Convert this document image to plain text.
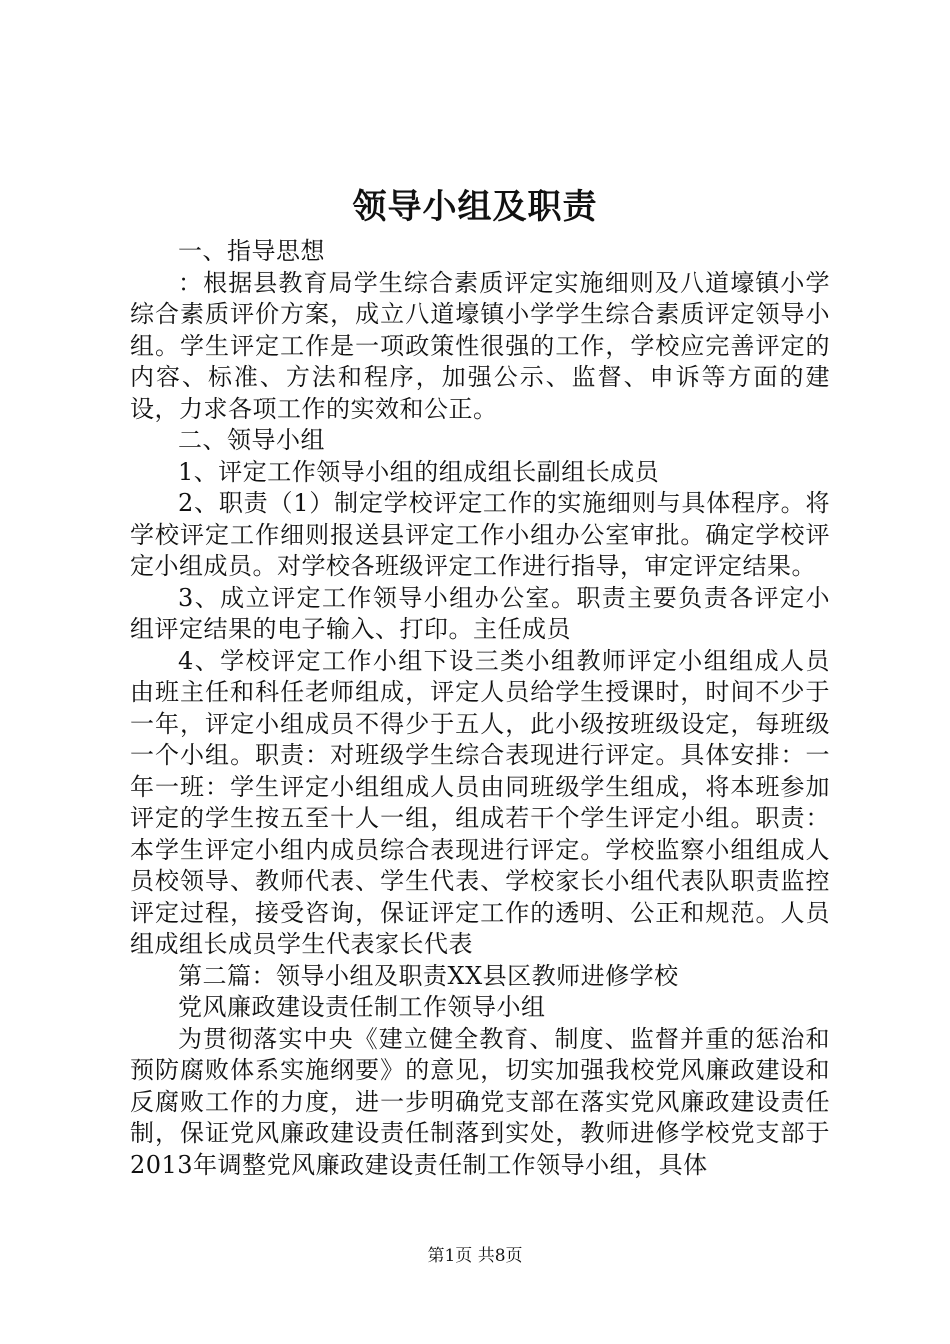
领导小组及职责

一、指导思想

：根据县教育局学生综合素质评定实施细则及八道壕镇小学综合素质评价方案，成立八道壕镇小学学生综合素质评定领导小组。学生评定工作是一项政策性很强的工作，学校应完善评定的内容、标准、方法和程序，加强公示、监督、申诉等方面的建设，力求各项工作的实效和公正。

二、领导小组

1、评定工作领导小组的组成组长副组长成员

2、职责（1）制定学校评定工作的实施细则与具体程序。将学校评定工作细则报送县评定工作小组办公室审批。确定学校评定小组成员。对学校各班级评定工作进行指导，审定评定结果。

3、成立评定工作领导小组办公室。职责主要负责各评定小组评定结果的电子输入、打印。主任成员

4、学校评定工作小组下设三类小组教师评定小组组成人员由班主任和科任老师组成，评定人员给学生授课时，时间不少于一年，评定小组成员不得少于五人，此小级按班级设定，每班级一个小组。职责：对班级学生综合表现进行评定。具体安排：一年一班：学生评定小组组成人员由同班级学生组成，将本班参加评定的学生按五至十人一组，组成若干个学生评定小组。职责：本学生评定小组内成员综合表现进行评定。学校监察小组组成人员校领导、教师代表、学生代表、学校家长小组代表队职责监控评定过程，接受咨询，保证评定工作的透明、公正和规范。人员组成组长成员学生代表家长代表

第二篇：领导小组及职责XX县区教师进修学校

党风廉政建设责任制工作领导小组

为贯彻落实中央《建立健全教育、制度、监督并重的惩治和预防腐败体系实施纲要》的意见，切实加强我校党风廉政建设和反腐败工作的力度，进一步明确党支部在落实党风廉政建设责任制，保证党风廉政建设责任制落到实处，教师进修学校党支部于2013年调整党风廉政建设责任制工作领导小组，具体

第1页 共8页
